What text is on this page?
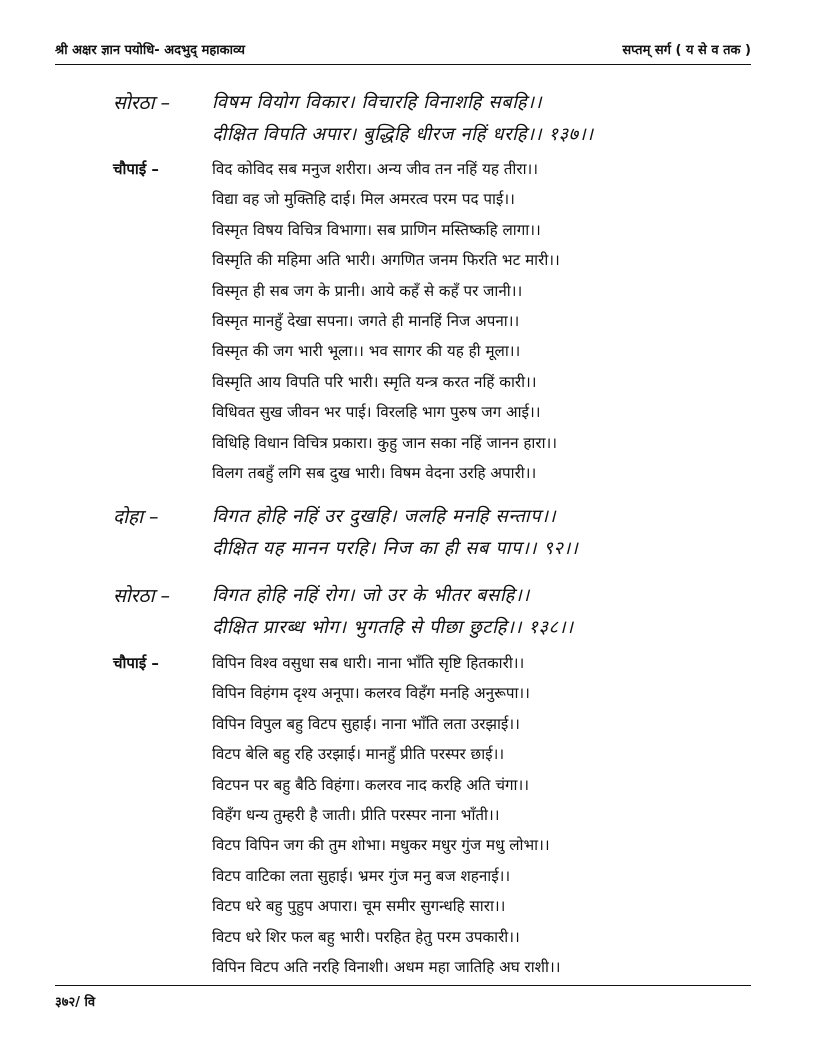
श्री अक्षर ज्ञान पयोधि- अदभुद् महाकाव्य	सप्तम् सर्ग ( य से व तक )
सोरठा – विषम वियोग विकार। विचारहि विनाशहि सबहि।।
दीक्षित विपति अपार। बुद्धिहि धीरज नहिं धरहि।। १३७।।
चौपाई –	विद कोविद सब मनुज शरीरा। अन्य जीव तन नहिं यह तीरा।।
विद्या वह जो मुक्तिहि दाई। मिल अमरत्व परम पद पाई।।
विस्मृत विषय विचित्र विभागा। सब प्राणिन मस्तिष्कहि लागा।।
विस्मृति की महिमा अति भारी। अगणित जनम फिरति भट मारी।।
विस्मृत ही सब जग के प्रानी। आये कहँ से कहँ पर जानी।।
विस्मृत मानहुँ देखा सपना। जगते ही मानहिं निज अपना।।
विस्मृत की जग भारी भूला।। भव सागर की यह ही मूला।।
विस्मृति आय विपति परि भारी। स्मृति यन्त्र करत नहिं कारी।।
विधिवत सुख जीवन भर पाई। विरलहि भाग पुरुष जग आई।।
विधिहि विधान विचित्र प्रकारा। कुहु जान सका नहिं जानन हारा।।
विलग तबहुँ लगि सब दुख भारी। विषम वेदना उरहि अपारी।।
दोहा –	विगत होहि नहिं उर दुखहि। जलहि मनहि सन्ताप।।
दीक्षित यह मानन परहि। निज का ही सब पाप।। ९२।।
सोरठा – विगत होहि नहिं रोग। जो उर के भीतर बसहि।।
दीक्षित प्रारब्ध भोग। भुगतहि से पीछा छुटहि।। १३८।।
चौपाई –	विपिन विश्व वसुधा सब धारी। नाना भाँति सृष्टि हितकारी।।
विपिन विहंगम दृश्य अनूपा। कलरव विहँग मनहि अनुरूपा।।
विपिन विपुल बहु विटप सुहाई। नाना भाँति लता उरझाई।।
विटप बेलि बहु रहि उरझाई। मानहुँ प्रीति परस्पर छाई।।
विटपन पर बहु बैठि विहंगा। कलरव नाद करहि अति चंगा।।
विहँग धन्य तुम्हरी है जाती। प्रीति परस्पर नाना भाँती।।
विटप विपिन जग की तुम शोभा। मधुकर मधुर गुंज मधु लोभा।।
विटप वाटिका लता सुहाई। भ्रमर गुंज मनु बज शहनाई।।
विटप धरे बहु पुहुप अपारा। चूम समीर सुगन्धहि सारा।।
विटप धरे शिर फल बहु भारी। परहित हेतु परम उपकारी।।
विपिन विटप अति नरहि विनाशी। अधम महा जातिहि अघ राशी।।
३७२/ वि
